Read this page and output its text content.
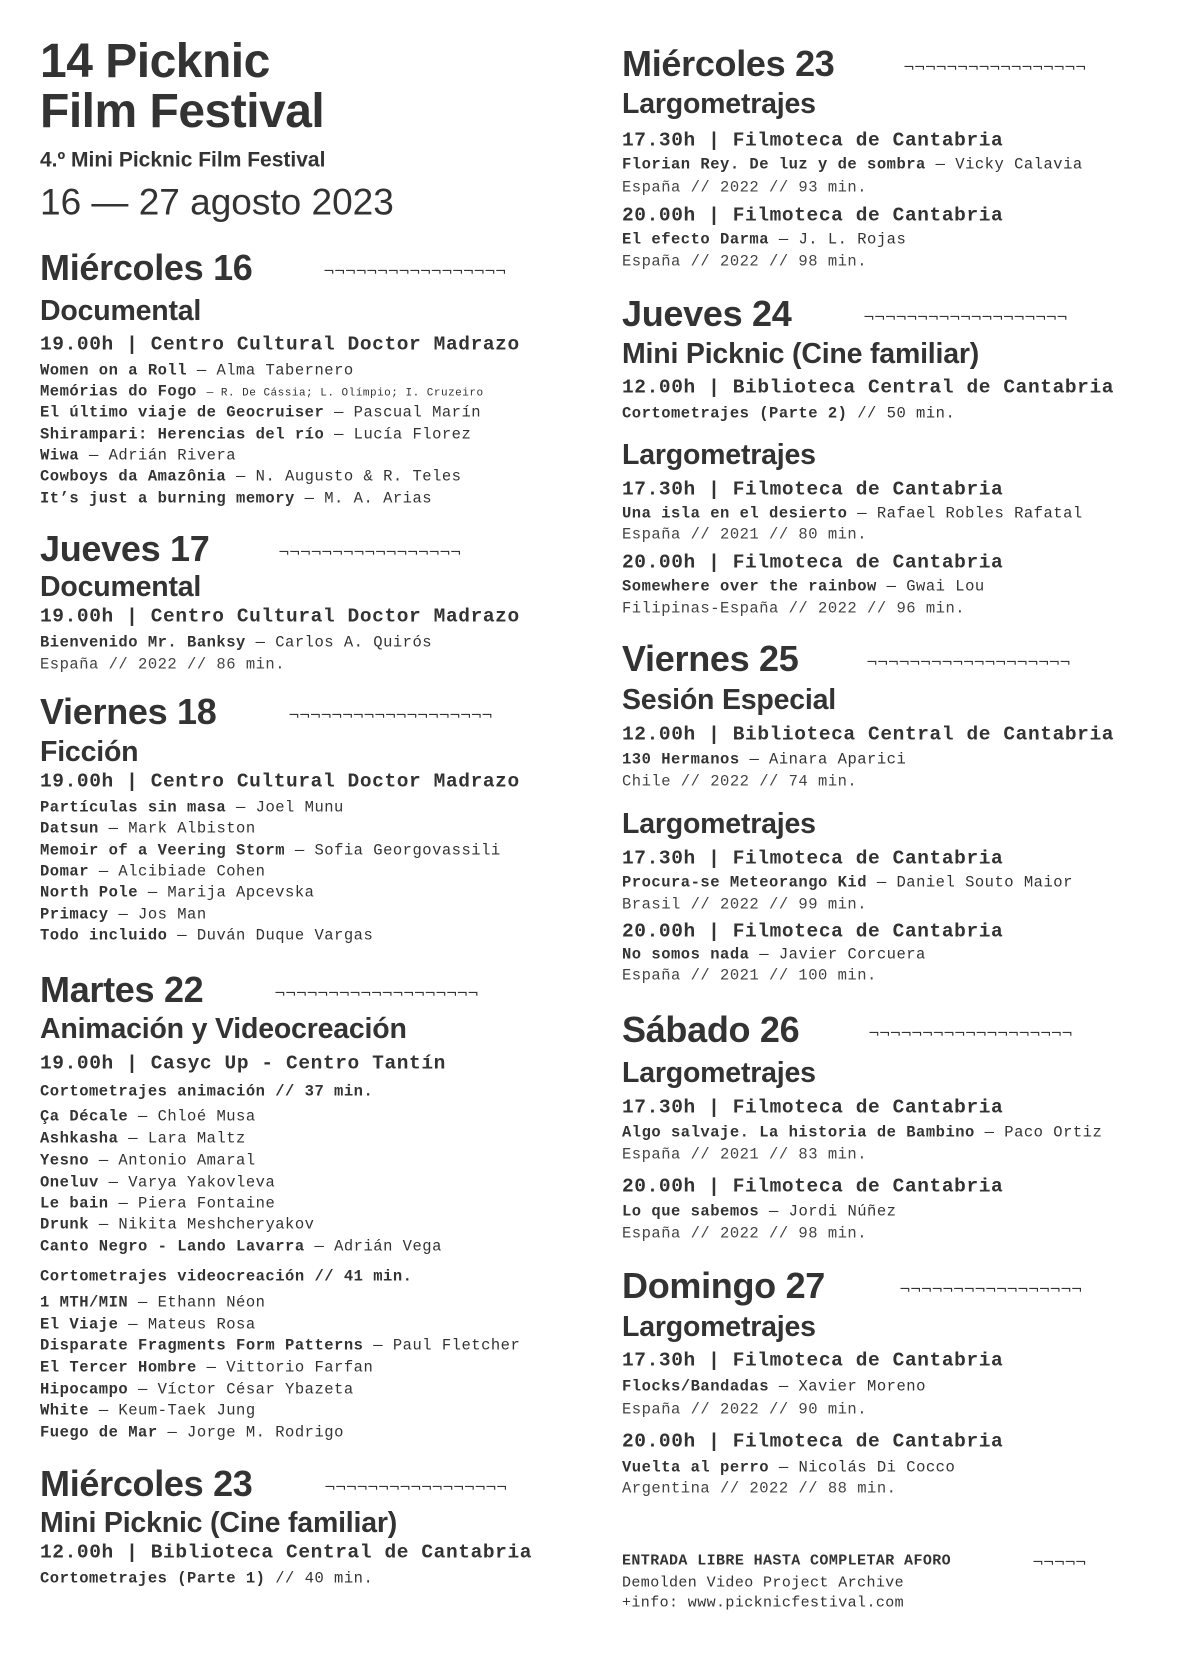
14 Picknic
Film Festival
4.º Mini Picknic Film Festival
16 — 27 agosto 2023
Miércoles 16	¬¬¬¬¬¬¬¬¬¬¬¬¬¬¬¬¬
Documental
19.00h | Centro Cultural Doctor Madrazo
Women on a Roll — Alma Tabernero
Memórias do Fogo — R. De Cássia; L. Olímpio; I. Cruzeiro
El último viaje de Geocruiser — Pascual Marín
Shirampari: Herencias del río — Lucía Florez
Wiwa — Adrián Rivera
Cowboys da Amazônia — N. Augusto & R. Teles
It’s just a burning memory — M. A. Arias
Jueves 17	¬¬¬¬¬¬¬¬¬¬¬¬¬¬¬¬¬
Documental
19.00h | Centro Cultural Doctor Madrazo
Bienvenido Mr. Banksy — Carlos A. Quirós
España // 2022 // 86 min.
Viernes 18	¬¬¬¬¬¬¬¬¬¬¬¬¬¬¬¬¬¬¬
Ficción
19.00h | Centro Cultural Doctor Madrazo
Partículas sin masa — Joel Munu
Datsun — Mark Albiston
Memoir of a Veering Storm — Sofia Georgovassili
Domar — Alcibiade Cohen
North Pole — Marija Apcevska
Primacy — Jos Man
Todo incluido — Duván Duque Vargas
Martes 22	¬¬¬¬¬¬¬¬¬¬¬¬¬¬¬¬¬¬¬
Animación y Videocreación
19.00h | Casyc Up - Centro Tantín
Cortometrajes animación // 37 min.
Ça Décale — Chloé Musa
Ashkasha — Lara Maltz
Yesno — Antonio Amaral
Oneluv — Varya Yakovleva
Le bain — Piera Fontaine
Drunk — Nikita Meshcheryakov
Canto Negro - Lando Lavarra — Adrián Vega
Cortometrajes videocreación // 41 min.
1 MTH/MIN — Ethann Néon
El Viaje — Mateus Rosa
Disparate Fragments Form Patterns — Paul Fletcher
El Tercer Hombre — Vittorio Farfan
Hipocampo — Víctor César Ybazeta
White — Keum-Taek Jung
Fuego de Mar — Jorge M. Rodrigo
Miércoles 23	¬¬¬¬¬¬¬¬¬¬¬¬¬¬¬¬¬
Mini Picknic (Cine familiar)
12.00h | Biblioteca Central de Cantabria
Cortometrajes (Parte 1) // 40 min.
Miércoles 23	¬¬¬¬¬¬¬¬¬¬¬¬¬¬¬¬¬
Largometrajes
17.30h | Filmoteca de Cantabria
Florian Rey. De luz y de sombra — Vicky Calavia
España // 2022 // 93 min.
20.00h | Filmoteca de Cantabria
El efecto Darma — J. L. Rojas
España // 2022 // 98 min.
Jueves 24	¬¬¬¬¬¬¬¬¬¬¬¬¬¬¬¬¬¬¬
Mini Picknic (Cine familiar)
12.00h | Biblioteca Central de Cantabria
Cortometrajes (Parte 2) // 50 min.
Largometrajes
17.30h | Filmoteca de Cantabria
Una isla en el desierto — Rafael Robles Rafatal
España // 2021 // 80 min.
20.00h | Filmoteca de Cantabria
Somewhere over the rainbow — Gwai Lou
Filipinas-España // 2022 // 96 min.
Viernes 25	¬¬¬¬¬¬¬¬¬¬¬¬¬¬¬¬¬¬¬
Sesión Especial
12.00h | Biblioteca Central de Cantabria
130 Hermanos — Ainara Aparici
Chile // 2022 // 74 min.
Largometrajes
17.30h | Filmoteca de Cantabria
Procura-se Meteorango Kid — Daniel Souto Maior
Brasil // 2022 // 99 min.
20.00h | Filmoteca de Cantabria
No somos nada — Javier Corcuera
España // 2021 // 100 min.
Sábado 26	¬¬¬¬¬¬¬¬¬¬¬¬¬¬¬¬¬¬¬
Largometrajes
17.30h | Filmoteca de Cantabria
Algo salvaje. La historia de Bambino — Paco Ortiz
España // 2021 // 83 min.
20.00h | Filmoteca de Cantabria
Lo que sabemos — Jordi Núñez
España // 2022 // 98 min.
Domingo 27	¬¬¬¬¬¬¬¬¬¬¬¬¬¬¬¬¬
Largometrajes
17.30h | Filmoteca de Cantabria
Flocks/Bandadas — Xavier Moreno
España // 2022 // 90 min.
20.00h | Filmoteca de Cantabria
Vuelta al perro — Nicolás Di Cocco
Argentina // 2022 // 88 min.
ENTRADA LIBRE HASTA COMPLETAR AFORO	¬¬¬¬¬
Demolden Video Project Archive
+info: www.picknicfestival.com
